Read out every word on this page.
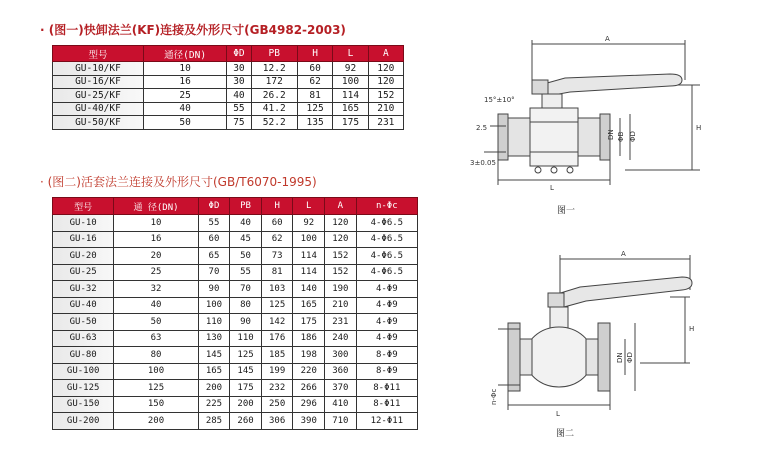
· (图一)快卸法兰(KF)连接及外形尺寸(GB4982-2003)
型号	通径(DN)	ΦD	PB	H	L	A
GU-10/KF	10	30	12.2	60	92	120
GU-16/KF	16	30	172	62	100	120
GU-25/KF	25	40	26.2	81	114	152
GU-40/KF	40	55	41.2	125	165	210
GU-50/KF	50	75	52.2	135	175	231
· (图二)活套法兰连接及外形尺寸(GB/T6070-1995)
型号	通 径(DN)	ΦD	PB	H	L	A	n-Φc
GU-10	10	55	40	60	92	120	4-Φ6.5
GU-16	16	60	45	62	100	120	4-Φ6.5
GU-20	20	65	50	73	114	152	4-Φ6.5
GU-25	25	70	55	81	114	152	4-Φ6.5
GU-32	32	90	70	103	140	190	4-Φ9
GU-40	40	100	80	125	165	210	4-Φ9
GU-50	50	110	90	142	175	231	4-Φ9
GU-63	63	130	110	176	186	240	4-Φ9
GU-80	80	145	125	185	198	300	8-Φ9
GU-100	100	165	145	199	220	360	8-Φ9
GU-125	125	200	175	232	266	370	8-Φ11
GU-150	150	225	200	250	296	410	8-Φ11
GU-200	200	285	260	306	390	710	12-Φ11
A
H
L
15°±10°
2.5
3±0.05
DN ΦB ΦD
图一
A
H
L
DN ΦD
n-Φc
图二
